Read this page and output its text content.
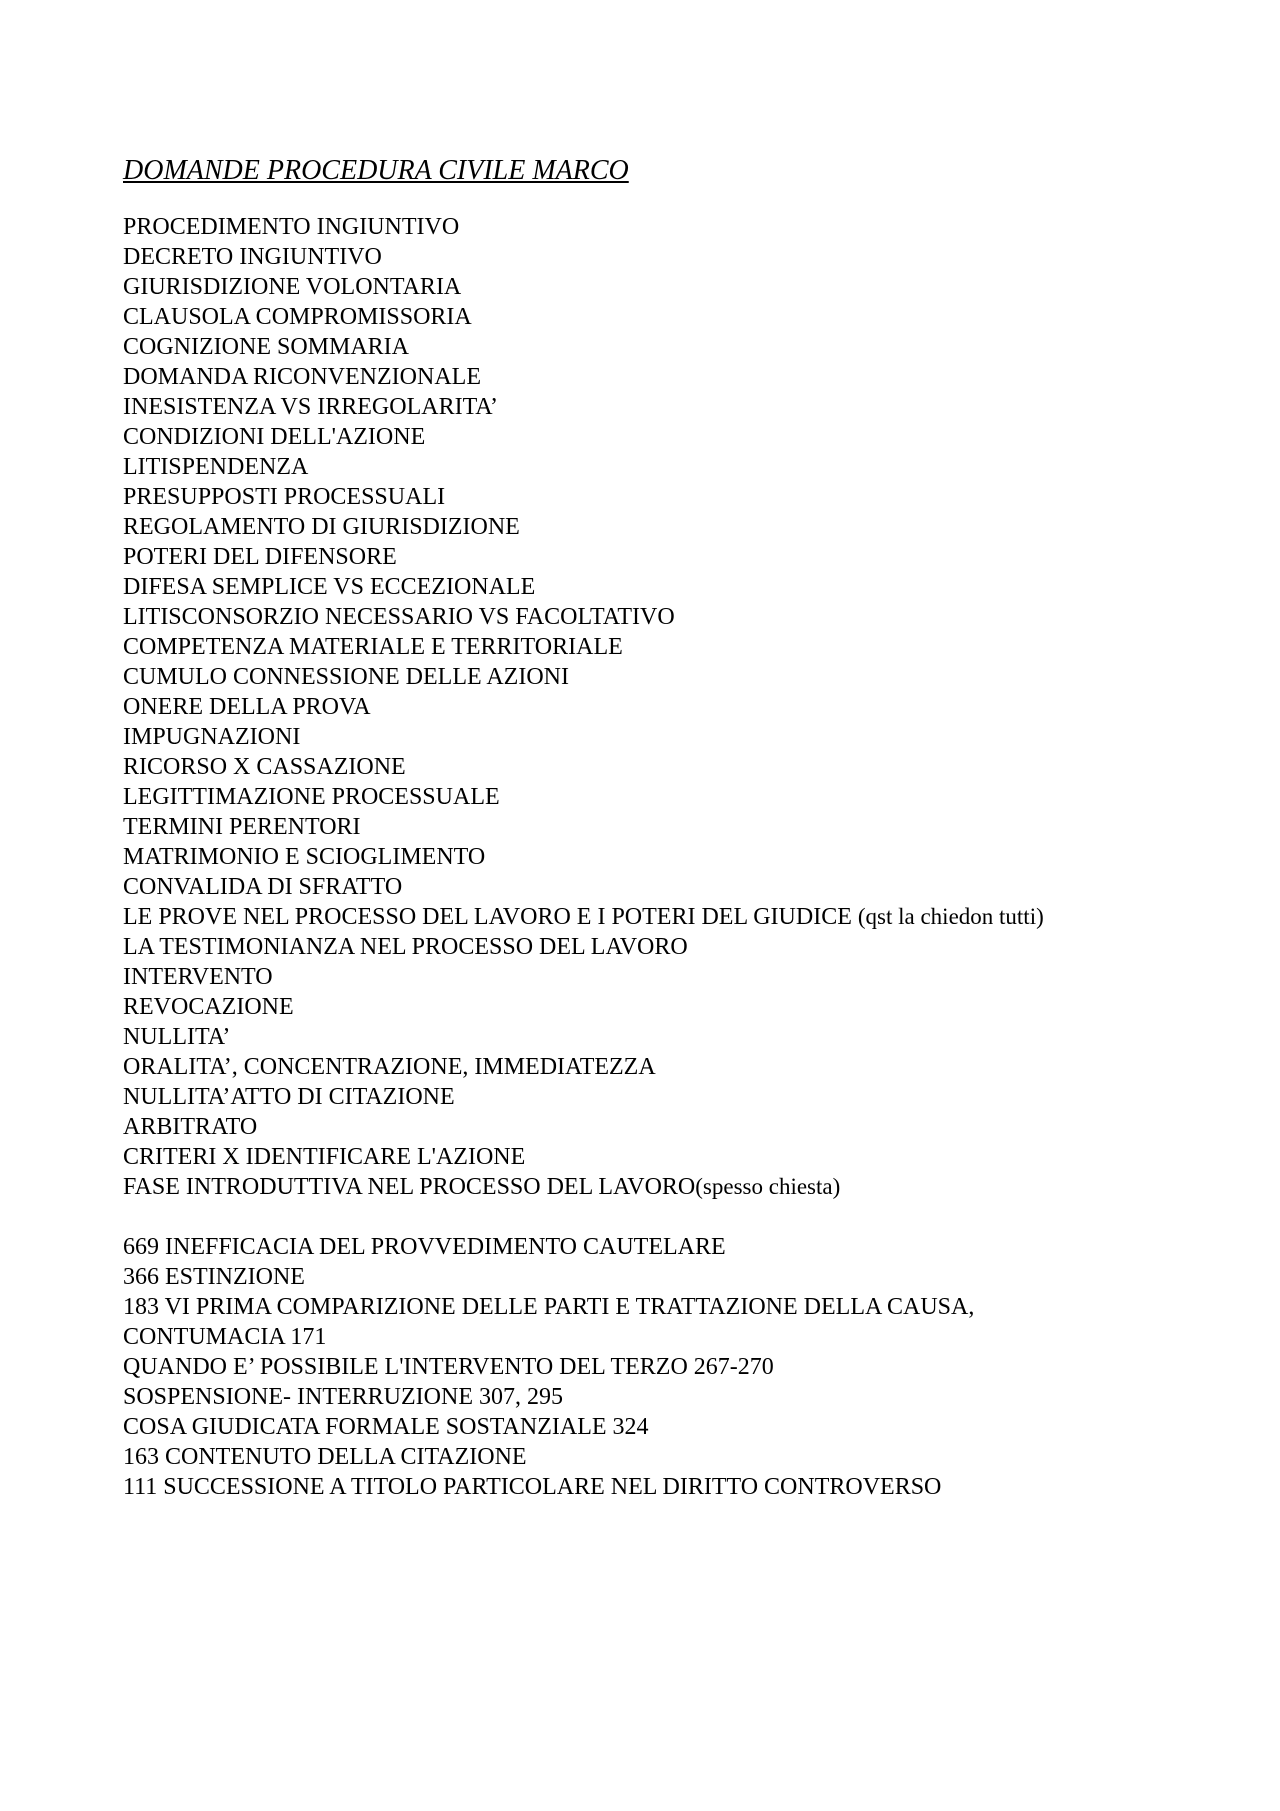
DOMANDE PROCEDURA CIVILE MARCO
PROCEDIMENTO INGIUNTIVO
DECRETO INGIUNTIVO
GIURISDIZIONE VOLONTARIA
CLAUSOLA COMPROMISSORIA
COGNIZIONE SOMMARIA
DOMANDA RICONVENZIONALE
INESISTENZA VS IRREGOLARITA’
CONDIZIONI DELL'AZIONE
LITISPENDENZA
PRESUPPOSTI PROCESSUALI
REGOLAMENTO DI GIURISDIZIONE
POTERI DEL DIFENSORE
DIFESA SEMPLICE VS ECCEZIONALE
LITISCONSORZIO NECESSARIO VS FACOLTATIVO
COMPETENZA MATERIALE E TERRITORIALE
CUMULO CONNESSIONE DELLE AZIONI
ONERE DELLA PROVA
IMPUGNAZIONI
RICORSO X CASSAZIONE
LEGITTIMAZIONE PROCESSUALE
TERMINI PERENTORI
MATRIMONIO E SCIOGLIMENTO
CONVALIDA DI SFRATTO
LE PROVE NEL PROCESSO DEL LAVORO E I POTERI DEL GIUDICE (qst la chiedon tutti)
LA TESTIMONIANZA NEL PROCESSO DEL LAVORO
INTERVENTO
REVOCAZIONE
NULLITA’
ORALITA’, CONCENTRAZIONE, IMMEDIATEZZA
NULLITA’ATTO DI CITAZIONE
ARBITRATO
CRITERI X IDENTIFICARE L'AZIONE
FASE INTRODUTTIVA NEL PROCESSO DEL LAVORO(spesso chiesta)
669 INEFFICACIA DEL PROVVEDIMENTO CAUTELARE
366 ESTINZIONE
183 VI PRIMA COMPARIZIONE DELLE PARTI E TRATTAZIONE DELLA CAUSA,
CONTUMACIA 171
QUANDO E’ POSSIBILE L'INTERVENTO DEL TERZO 267-270
SOSPENSIONE- INTERRUZIONE 307, 295
COSA GIUDICATA FORMALE SOSTANZIALE 324
163 CONTENUTO DELLA CITAZIONE
111 SUCCESSIONE A TITOLO PARTICOLARE NEL DIRITTO CONTROVERSO
